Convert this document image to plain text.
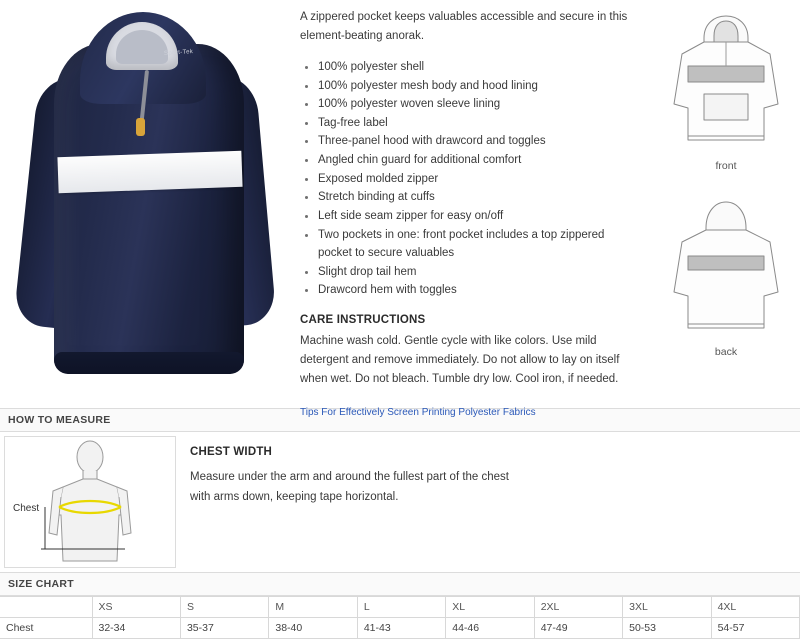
Sport-Tek

A zippered pocket keeps valuables accessible and secure in this element-beating anorak.

100% polyester shell
100% polyester mesh body and hood lining
100% polyester woven sleeve lining
Tag-free label
Three-panel hood with drawcord and toggles
Angled chin guard for additional comfort
Exposed molded zipper
Stretch binding at cuffs
Left side seam zipper for easy on/off
Two pockets in one: front pocket includes a top zippered pocket to secure valuables
Slight drop tail hem
Drawcord hem with toggles
CARE INSTRUCTIONS

Machine wash cold. Gentle cycle with like colors. Use mild detergent and remove immediately. Do not allow to lay on itself when wet. Do not bleach. Tumble dry low. Cool iron, if needed.

Tips For Effectively Screen Printing Polyester Fabrics
front
back
HOW TO MEASURE
Chest
CHEST WIDTH
Measure under the arm and around the fullest part of the chest
with arms down, keeping tape horizontal.
SIZE CHART
	XS	S	M	L	XL	2XL	3XL	4XL
Chest	32-34	35-37	38-40	41-43	44-46	47-49	50-53	54-57
